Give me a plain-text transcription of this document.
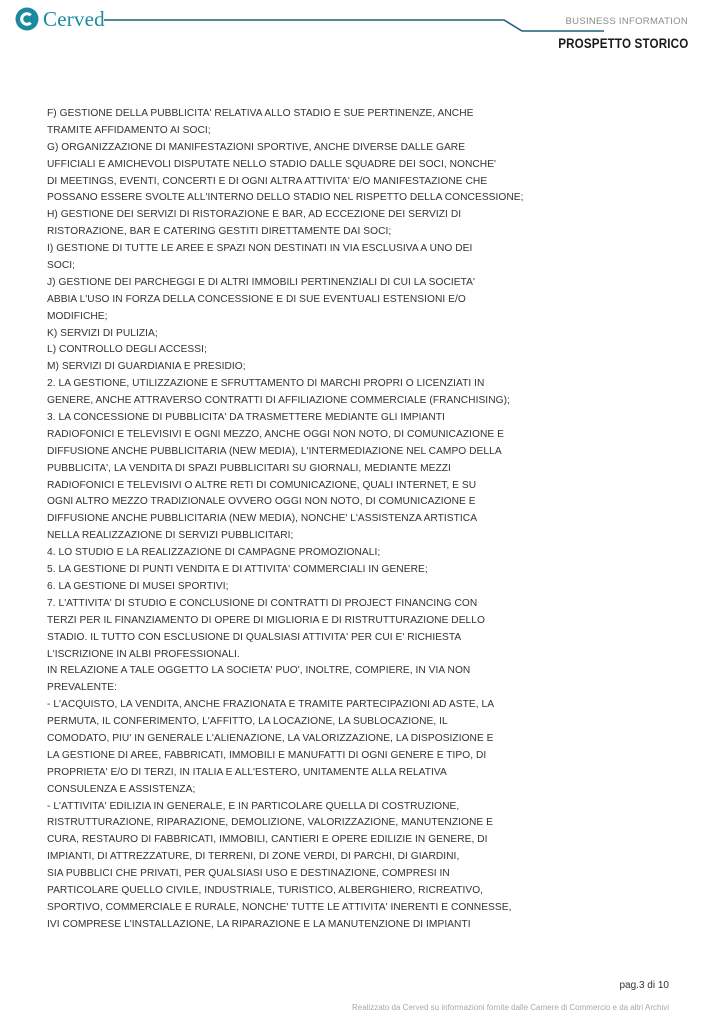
Cerved	BUSINESS INFORMATION
PROSPETTO STORICO
F) GESTIONE DELLA PUBBLICITA' RELATIVA ALLO STADIO E SUE PERTINENZE, ANCHE
TRAMITE AFFIDAMENTO AI SOCI;
G) ORGANIZZAZIONE DI MANIFESTAZIONI SPORTIVE, ANCHE DIVERSE DALLE GARE
UFFICIALI E AMICHEVOLI DISPUTATE NELLO STADIO DALLE SQUADRE DEI SOCI, NONCHE'
DI MEETINGS, EVENTI, CONCERTI E DI OGNI ALTRA ATTIVITA' E/O MANIFESTAZIONE CHE
POSSANO ESSERE SVOLTE ALL'INTERNO DELLO STADIO NEL RISPETTO DELLA CONCESSIONE;
H) GESTIONE DEI SERVIZI DI RISTORAZIONE E BAR, AD ECCEZIONE DEI SERVIZI DI
RISTORAZIONE, BAR E CATERING GESTITI DIRETTAMENTE DAI SOCI;
I) GESTIONE DI TUTTE LE AREE E SPAZI NON DESTINATI IN VIA ESCLUSIVA A UNO DEI
SOCI;
J) GESTIONE DEI PARCHEGGI E DI ALTRI IMMOBILI PERTINENZIALI DI CUI LA SOCIETA'
ABBIA L'USO IN FORZA DELLA CONCESSIONE E DI SUE EVENTUALI ESTENSIONI E/O
MODIFICHE;
K) SERVIZI DI PULIZIA;
L) CONTROLLO DEGLI ACCESSI;
M) SERVIZI DI GUARDIANIA E PRESIDIO;
2. LA GESTIONE, UTILIZZAZIONE E SFRUTTAMENTO DI MARCHI PROPRI O LICENZIATI IN
GENERE, ANCHE ATTRAVERSO CONTRATTI DI AFFILIAZIONE COMMERCIALE (FRANCHISING);
3. LA CONCESSIONE DI PUBBLICITA' DA TRASMETTERE MEDIANTE GLI IMPIANTI
RADIOFONICI E TELEVISIVI E OGNI MEZZO, ANCHE OGGI NON NOTO, DI COMUNICAZIONE E
DIFFUSIONE ANCHE PUBBLICITARIA (NEW MEDIA), L'INTERMEDIAZIONE NEL CAMPO DELLA
PUBBLICITA', LA VENDITA DI SPAZI PUBBLICITARI SU GIORNALI, MEDIANTE MEZZI
RADIOFONICI E TELEVISIVI O ALTRE RETI DI COMUNICAZIONE, QUALI INTERNET, E SU
OGNI ALTRO MEZZO TRADIZIONALE OVVERO OGGI NON NOTO, DI COMUNICAZIONE E
DIFFUSIONE ANCHE PUBBLICITARIA (NEW MEDIA), NONCHE' L'ASSISTENZA ARTISTICA
NELLA REALIZZAZIONE DI SERVIZI PUBBLICITARI;
4. LO STUDIO E LA REALIZZAZIONE DI CAMPAGNE PROMOZIONALI;
5. LA GESTIONE DI PUNTI VENDITA E DI ATTIVITA' COMMERCIALI IN GENERE;
6. LA GESTIONE DI MUSEI SPORTIVI;
7. L'ATTIVITA' DI STUDIO E CONCLUSIONE DI CONTRATTI DI PROJECT FINANCING CON
TERZI PER IL FINANZIAMENTO DI OPERE DI MIGLIORIA E DI RISTRUTTURAZIONE DELLO
STADIO. IL TUTTO CON ESCLUSIONE DI QUALSIASI ATTIVITA' PER CUI E' RICHIESTA
L'ISCRIZIONE IN ALBI PROFESSIONALI.
IN RELAZIONE A TALE OGGETTO LA SOCIETA' PUO', INOLTRE, COMPIERE, IN VIA NON
PREVALENTE:
- L'ACQUISTO, LA VENDITA, ANCHE FRAZIONATA E TRAMITE PARTECIPAZIONI AD ASTE, LA
PERMUTA, IL CONFERIMENTO, L'AFFITTO, LA LOCAZIONE, LA SUBLOCAZIONE, IL
COMODATO, PIU' IN GENERALE L'ALIENAZIONE, LA VALORIZZAZIONE, LA DISPOSIZIONE E
LA GESTIONE DI AREE, FABBRICATI, IMMOBILI E MANUFATTI DI OGNI GENERE E TIPO, DI
PROPRIETA' E/O DI TERZI, IN ITALIA E ALL'ESTERO, UNITAMENTE ALLA RELATIVA
CONSULENZA E ASSISTENZA;
- L'ATTIVITA' EDILIZIA IN GENERALE, E IN PARTICOLARE QUELLA DI COSTRUZIONE,
RISTRUTTURAZIONE, RIPARAZIONE, DEMOLIZIONE, VALORIZZAZIONE, MANUTENZIONE E
CURA, RESTAURO DI FABBRICATI, IMMOBILI, CANTIERI E OPERE EDILIZIE IN GENERE, DI
IMPIANTI, DI ATTREZZATURE, DI TERRENI, DI ZONE VERDI, DI PARCHI, DI GIARDINI,
SIA PUBBLICI CHE PRIVATI, PER QUALSIASI USO E DESTINAZIONE, COMPRESI IN
PARTICOLARE QUELLO CIVILE, INDUSTRIALE, TURISTICO, ALBERGHIERO, RICREATIVO,
SPORTIVO, COMMERCIALE E RURALE, NONCHE' TUTTE LE ATTIVITA' INERENTI E CONNESSE,
IVI COMPRESE L'INSTALLAZIONE, LA RIPARAZIONE E LA MANUTENZIONE DI IMPIANTI
pag.3 di 10
Realizzato da Cerved su informazioni fornite dalle Camere di Commercio e da altri Archivi
